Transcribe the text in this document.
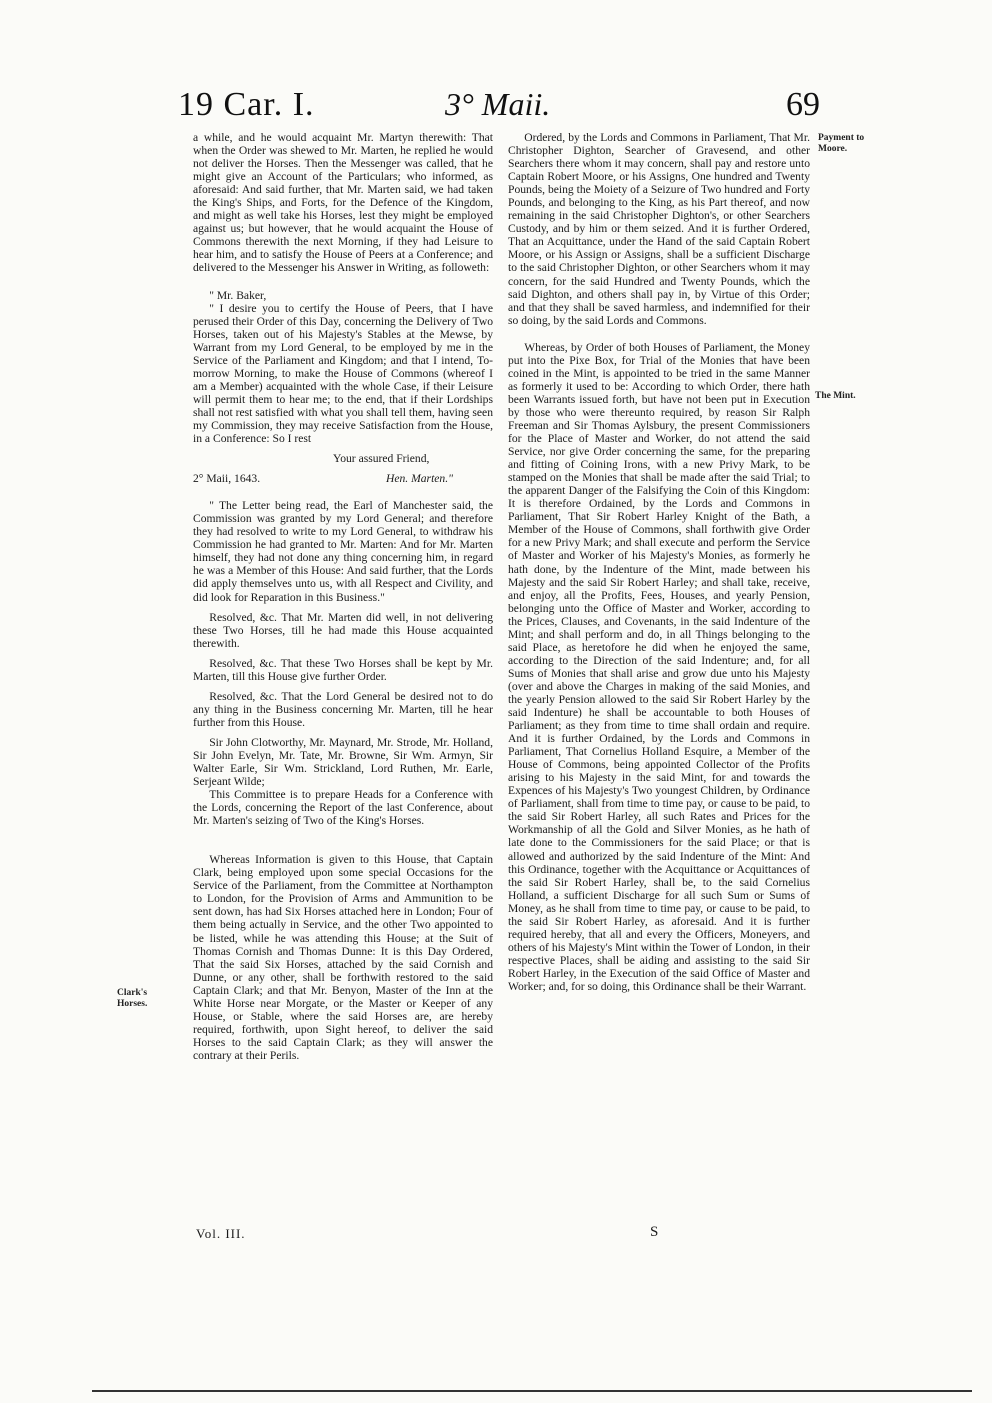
19 Car. I.	3° Maii.	69
Payment to Moore.
The Mint.
Clark's Horses.

a while, and he would acquaint Mr. Martyn therewith: That when the Order was shewed to Mr. Marten, he replied he would not deliver the Horses. Then the Messenger was called, that he might give an Account of the Particulars; who informed, as aforesaid: And said further, that Mr. Marten said, we had taken the King's Ships, and Forts, for the Defence of the Kingdom, and might as well take his Horses, lest they might be employed against us; but however, that he would acquaint the House of Commons therewith the next Morning, if they had Leisure to hear him, and to satisfy the House of Peers at a Conference; and delivered to the Messenger his Answer in Writing, as followeth:

" Mr. Baker,

" I desire you to certify the House of Peers, that I have perused their Order of this Day, concerning the Delivery of Two Horses, taken out of his Majesty's Stables at the Mewse, by Warrant from my Lord General, to be employed by me in the Service of the Parliament and Kingdom; and that I intend, To-morrow Morning, to make the House of Commons (whereof I am a Member) acquainted with the whole Case, if their Leisure will permit them to hear me; to the end, that if their Lordships shall not rest satisfied with what you shall tell them, having seen my Commission, they may receive Satisfaction from the House, in a Conference: So I rest

Your assured Friend,

2° Maii, 1643.	Hen. Marten."

" The Letter being read, the Earl of Manchester said, the Commission was granted by my Lord General; and therefore they had resolved to write to my Lord General, to withdraw his Commission he had granted to Mr. Marten: And for Mr. Marten himself, they had not done any thing concerning him, in regard he was a Member of this House: And said further, that the Lords did apply themselves unto us, with all Respect and Civility, and did look for Reparation in this Business."

Resolved, &c. That Mr. Marten did well, in not delivering these Two Horses, till he had made this House acquainted therewith.

Resolved, &c. That these Two Horses shall be kept by Mr. Marten, till this House give further Order.

Resolved, &c. That the Lord General be desired not to do any thing in the Business concerning Mr. Marten, till he hear further from this House.

Sir John Clotworthy, Mr. Maynard, Mr. Strode, Mr. Holland, Sir John Evelyn, Mr. Tate, Mr. Browne, Sir Wm. Armyn, Sir Walter Earle, Sir Wm. Strickland, Lord Ruthen, Mr. Earle, Serjeant Wilde;

This Committee is to prepare Heads for a Conference with the Lords, concerning the Report of the last Conference, about Mr. Marten's seizing of Two of the King's Horses.

Whereas Information is given to this House, that Captain Clark, being employed upon some special Occasions for the Service of the Parliament, from the Committee at Northampton to London, for the Provision of Arms and Ammunition to be sent down, has had Six Horses attached here in London; Four of them being actually in Service, and the other Two appointed to be listed, while he was attending this House; at the Suit of Thomas Cornish and Thomas Dunne: It is this Day Ordered, That the said Six Horses, attached by the said Cornish and Dunne, or any other, shall be forthwith restored to the said Captain Clark; and that Mr. Benyon, Master of the Inn at the White Horse near Morgate, or the Master or Keeper of any House, or Stable, where the said Horses are, are hereby required, forthwith, upon Sight hereof, to deliver the said Horses to the said Captain Clark; as they will answer the contrary at their Perils.

Ordered, by the Lords and Commons in Parliament, That Mr. Christopher Dighton, Searcher of Gravesend, and other Searchers there whom it may concern, shall pay and restore unto Captain Robert Moore, or his Assigns, One hundred and Twenty Pounds, being the Moiety of a Seizure of Two hundred and Forty Pounds, and belonging to the King, as his Part thereof, and now remaining in the said Christopher Dighton's, or other Searchers Custody, and by him or them seized. And it is further Ordered, That an Acquittance, under the Hand of the said Captain Robert Moore, or his Assign or Assigns, shall be a sufficient Discharge to the said Christopher Dighton, or other Searchers whom it may concern, for the said Hundred and Twenty Pounds, which the said Dighton, and others shall pay in, by Virtue of this Order; and that they shall be saved harmless, and indemnified for their so doing, by the said Lords and Commons.

Whereas, by Order of both Houses of Parliament, the Money put into the Pixe Box, for Trial of the Monies that have been coined in the Mint, is appointed to be tried in the same Manner as formerly it used to be: According to which Order, there hath been Warrants issued forth, but have not been put in Execution by those who were thereunto required, by reason Sir Ralph Freeman and Sir Thomas Aylsbury, the present Commissioners for the Place of Master and Worker, do not attend the said Service, nor give Order concerning the same, for the preparing and fitting of Coining Irons, with a new Privy Mark, to be stamped on the Monies that shall be made after the said Trial; to the apparent Danger of the Falsifying the Coin of this Kingdom: It is therefore Ordained, by the Lords and Commons in Parliament, That Sir Robert Harley Knight of the Bath, a Member of the House of Commons, shall forthwith give Order for a new Privy Mark; and shall execute and perform the Service of Master and Worker of his Majesty's Monies, as formerly he hath done, by the Indenture of the Mint, made between his Majesty and the said Sir Robert Harley; and shall take, receive, and enjoy, all the Profits, Fees, Houses, and yearly Pension, belonging unto the Office of Master and Worker, according to the Prices, Clauses, and Covenants, in the said Indenture of the Mint; and shall perform and do, in all Things belonging to the said Place, as heretofore he did when he enjoyed the same, according to the Direction of the said Indenture; and, for all Sums of Monies that shall arise and grow due unto his Majesty (over and above the Charges in making of the said Monies, and the yearly Pension allowed to the said Sir Robert Harley by the said Indenture) he shall be accountable to both Houses of Parliament; as they from time to time shall ordain and require. And it is further Ordained, by the Lords and Commons in Parliament, That Cornelius Holland Esquire, a Member of the House of Commons, being appointed Collector of the Profits arising to his Majesty in the said Mint, for and towards the Expences of his Majesty's Two youngest Children, by Ordinance of Parliament, shall from time to time pay, or cause to be paid, to the said Sir Robert Harley, all such Rates and Prices for the Workmanship of all the Gold and Silver Monies, as he hath of late done to the Commissioners for the said Place; or that is allowed and authorized by the said Indenture of the Mint: And this Ordinance, together with the Acquittance or Acquittances of the said Sir Robert Harley, shall be, to the said Cornelius Holland, a sufficient Discharge for all such Sum or Sums of Money, as he shall from time to time pay, or cause to be paid, to the said Sir Robert Harley, as aforesaid. And it is further required hereby, that all and every the Officers, Moneyers, and others of his Majesty's Mint within the Tower of London, in their respective Places, shall be aiding and assisting to the said Sir Robert Harley, in the Execution of the said Office of Master and Worker; and, for so doing, this Ordinance shall be their Warrant.

Vol. III.	S
